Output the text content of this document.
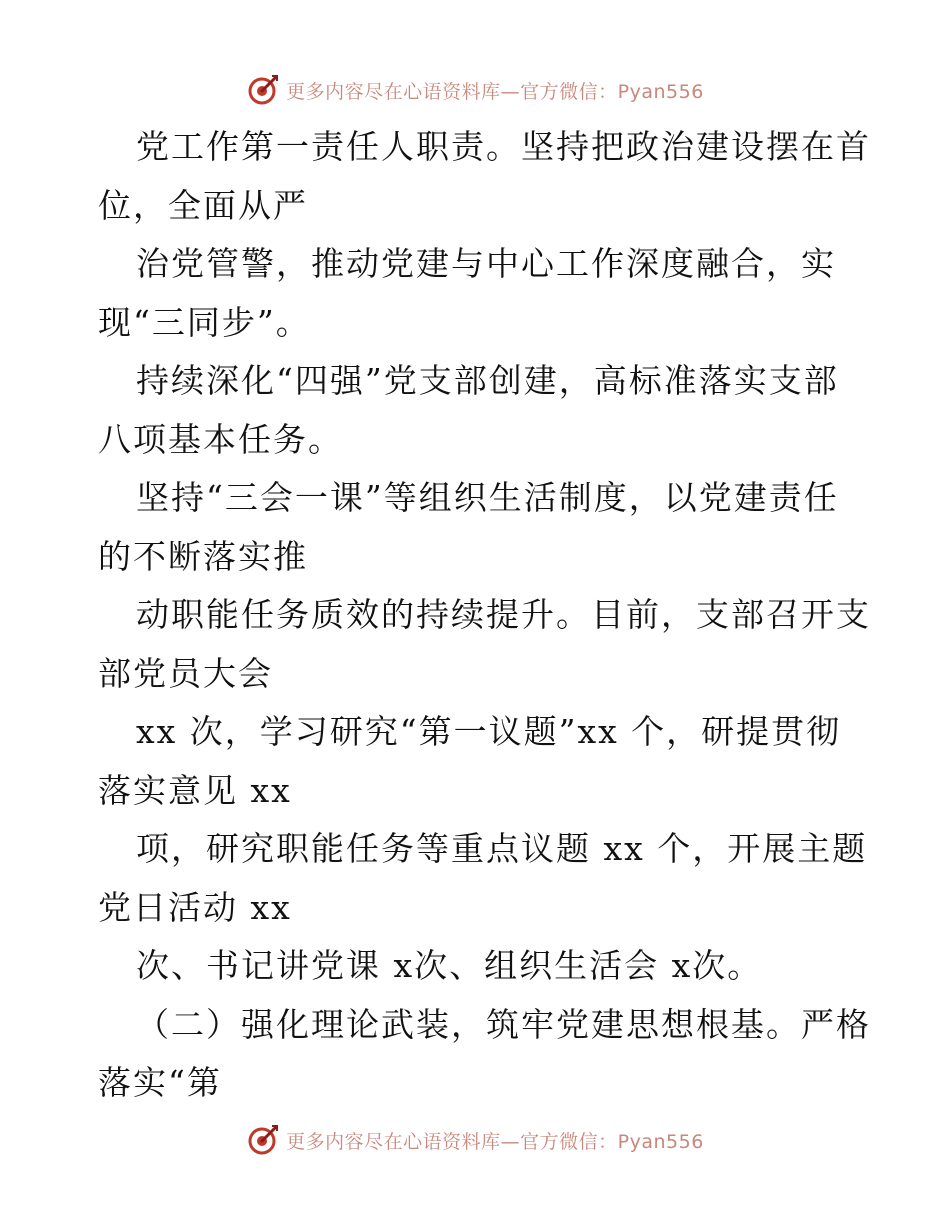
更多内容尽在心语资料库—官方微信：Pyan556
党工作第一责任人职责。坚持把政治建设摆在首
位，全面从严
治党管警，推动党建与中心工作深度融合，实
现“三同步”。
持续深化“四强”党支部创建，高标准落实支部
八项基本任务。
坚持“三会一课”等组织生活制度，以党建责任
的不断落实推
动职能任务质效的持续提升。目前，支部召开支
部党员大会
xx 次，学习研究“第一议题”xx 个，研提贯彻
落实意见 xx
项，研究职能任务等重点议题 xx 个，开展主题
党日活动 xx
次、书记讲党课 x次、组织生活会 x次。
（二）强化理论武装，筑牢党建思想根基。严格
落实“第
更多内容尽在心语资料库—官方微信：Pyan556
